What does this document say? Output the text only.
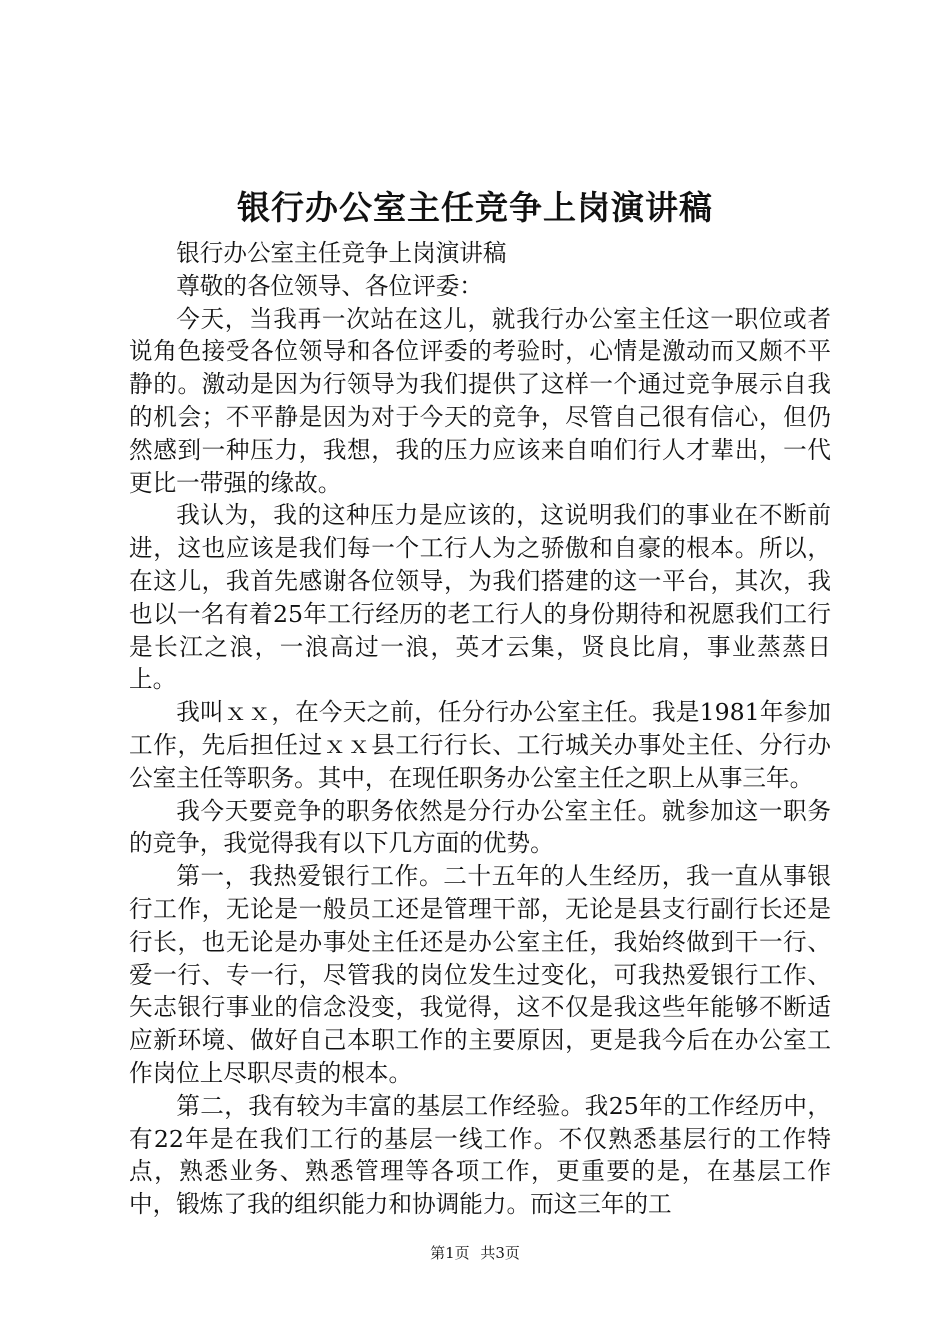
银行办公室主任竞争上岗演讲稿

银行办公室主任竞争上岗演讲稿

尊敬的各位领导、各位评委：

今天，当我再一次站在这儿，就我行办公室主任这一职位或者说角色接受各位领导和各位评委的考验时，心情是激动而又颇不平静的。激动是因为行领导为我们提供了这样一个通过竞争展示自我的机会；不平静是因为对于今天的竞争，尽管自己很有信心，但仍然感到一种压力，我想，我的压力应该来自咱们行人才辈出，一代更比一带强的缘故。

我认为，我的这种压力是应该的，这说明我们的事业在不断前进，这也应该是我们每一个工行人为之骄傲和自豪的根本。所以，在这儿，我首先感谢各位领导，为我们搭建的这一平台，其次，我也以一名有着25年工行经历的老工行人的身份期待和祝愿我们工行是长江之浪，一浪高过一浪，英才云集，贤良比肩，事业蒸蒸日上。

我叫ｘｘ，在今天之前，任分行办公室主任。我是1981年参加工作，先后担任过ｘｘ县工行行长、工行城关办事处主任、分行办公室主任等职务。其中，在现任职务办公室主任之职上从事三年。

我今天要竞争的职务依然是分行办公室主任。就参加这一职务的竞争，我觉得我有以下几方面的优势。

第一，我热爱银行工作。二十五年的人生经历，我一直从事银行工作，无论是一般员工还是管理干部，无论是县支行副行长还是行长，也无论是办事处主任还是办公室主任，我始终做到干一行、爱一行、专一行，尽管我的岗位发生过变化，可我热爱银行工作、矢志银行事业的信念没变，我觉得，这不仅是我这些年能够不断适应新环境、做好自己本职工作的主要原因，更是我今后在办公室工作岗位上尽职尽责的根本。

第二，我有较为丰富的基层工作经验。我25年的工作经历中，有22年是在我们工行的基层一线工作。不仅熟悉基层行的工作特点，熟悉业务、熟悉管理等各项工作，更重要的是，在基层工作中，锻炼了我的组织能力和协调能力。而这三年的工

第1页 共3页
